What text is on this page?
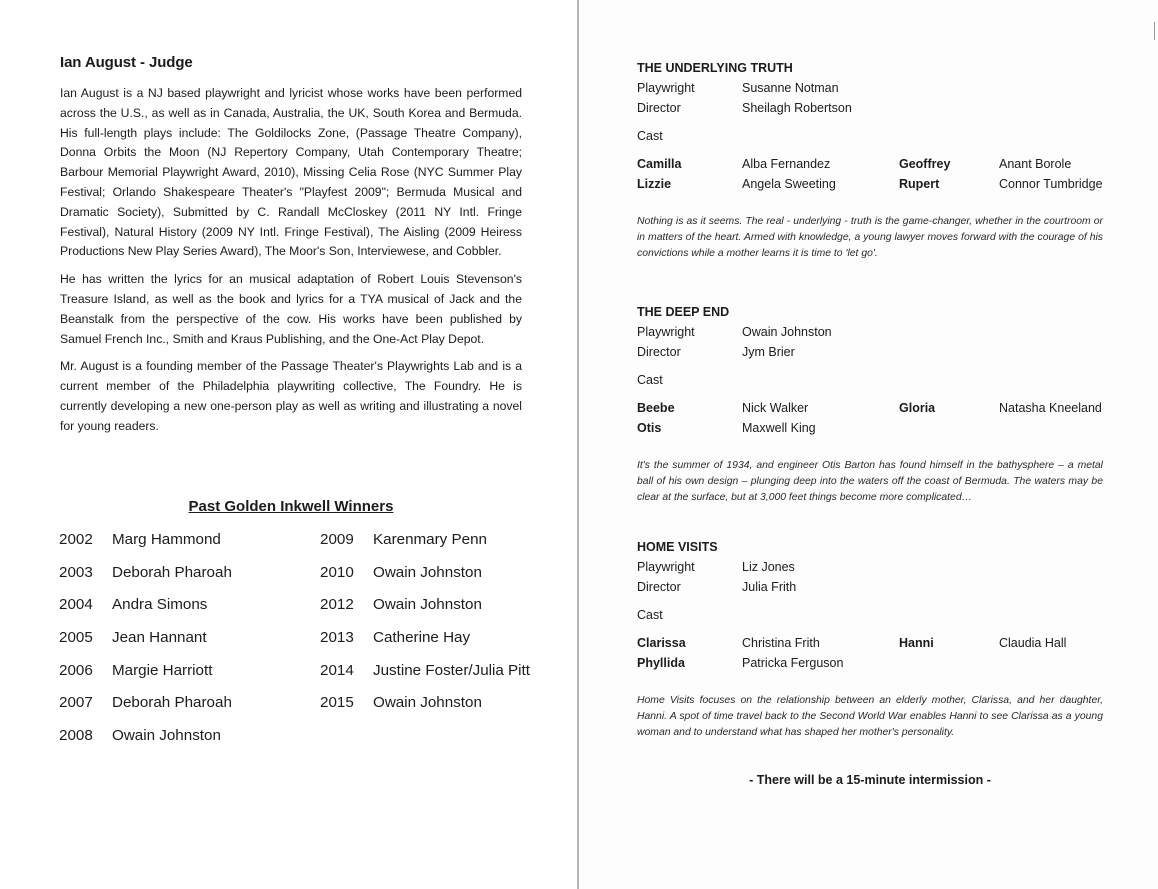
Ian August - Judge

Ian August is a NJ based playwright and lyricist whose works have been performed across the U.S., as well as in Canada, Australia, the UK, South Korea and Bermuda. His full-length plays include: The Goldilocks Zone, (Passage Theatre Company), Donna Orbits the Moon (NJ Repertory Company, Utah Contemporary Theatre; Barbour Memorial Playwright Award, 2010), Missing Celia Rose (NYC Summer Play Festival; Orlando Shakespeare Theater's "Playfest 2009"; Bermuda Musical and Dramatic Society), Submitted by C. Randall McCloskey (2011 NY Intl. Fringe Festival), Natural History (2009 NY Intl. Fringe Festival), The Aisling (2009 Heiress Productions New Play Series Award), The Moor's Son, Interviewese, and Cobbler.

He has written the lyrics for an musical adaptation of Robert Louis Stevenson's Treasure Island, as well as the book and lyrics for a TYA musical of Jack and the Beanstalk from the perspective of the cow. His works have been published by Samuel French Inc., Smith and Kraus Publishing, and the One-Act Play Depot.

Mr. August is a founding member of the Passage Theater's Playwrights Lab and is a current member of the Philadelphia playwriting collective, The Foundry. He is currently developing a new one-person play as well as writing and illustrating a novel for young readers.

Past Golden Inkwell Winners
2002	Marg Hammond
2003	Deborah Pharoah
2004	Andra Simons
2005	Jean Hannant
2006	Margie Harriott
2007	Deborah Pharoah
2008	Owain Johnston
2009	Karenmary Penn
2010	Owain Johnston
2012	Owain Johnston
2013	Catherine Hay
2014	Justine Foster/Julia Pitt
2015	Owain Johnston
THE UNDERLYING TRUTH
Playwright	Susanne Notman
Director	Sheilagh Robertson
Cast
Camilla	Alba Fernandez	Geoffrey	Anant Borole
Lizzie	Angela Sweeting	Rupert	Connor Tumbridge
Nothing is as it seems. The real - underlying - truth is the game-changer, whether in the courtroom or in matters of the heart. Armed with knowledge, a young lawyer moves forward with the courage of his convictions while a mother learns it is time to 'let go'.
THE DEEP END
Playwright	Owain Johnston
Director	Jym Brier
Cast
Beebe	Nick Walker	Gloria	Natasha Kneeland
Otis	Maxwell King
It's the summer of 1934, and engineer Otis Barton has found himself in the bathysphere – a metal ball of his own design – plunging deep into the waters off the coast of Bermuda. The waters may be clear at the surface, but at 3,000 feet things become more complicated…
HOME VISITS
Playwright	Liz Jones
Director	Julia Frith
Cast
Clarissa	Christina Frith	Hanni	Claudia Hall
Phyllida	Patricka Ferguson
Home Visits focuses on the relationship between an elderly mother, Clarissa, and her daughter, Hanni. A spot of time travel back to the Second World War enables Hanni to see Clarissa as a young woman and to understand what has shaped her mother's personality.
- There will be a 15-minute intermission -
